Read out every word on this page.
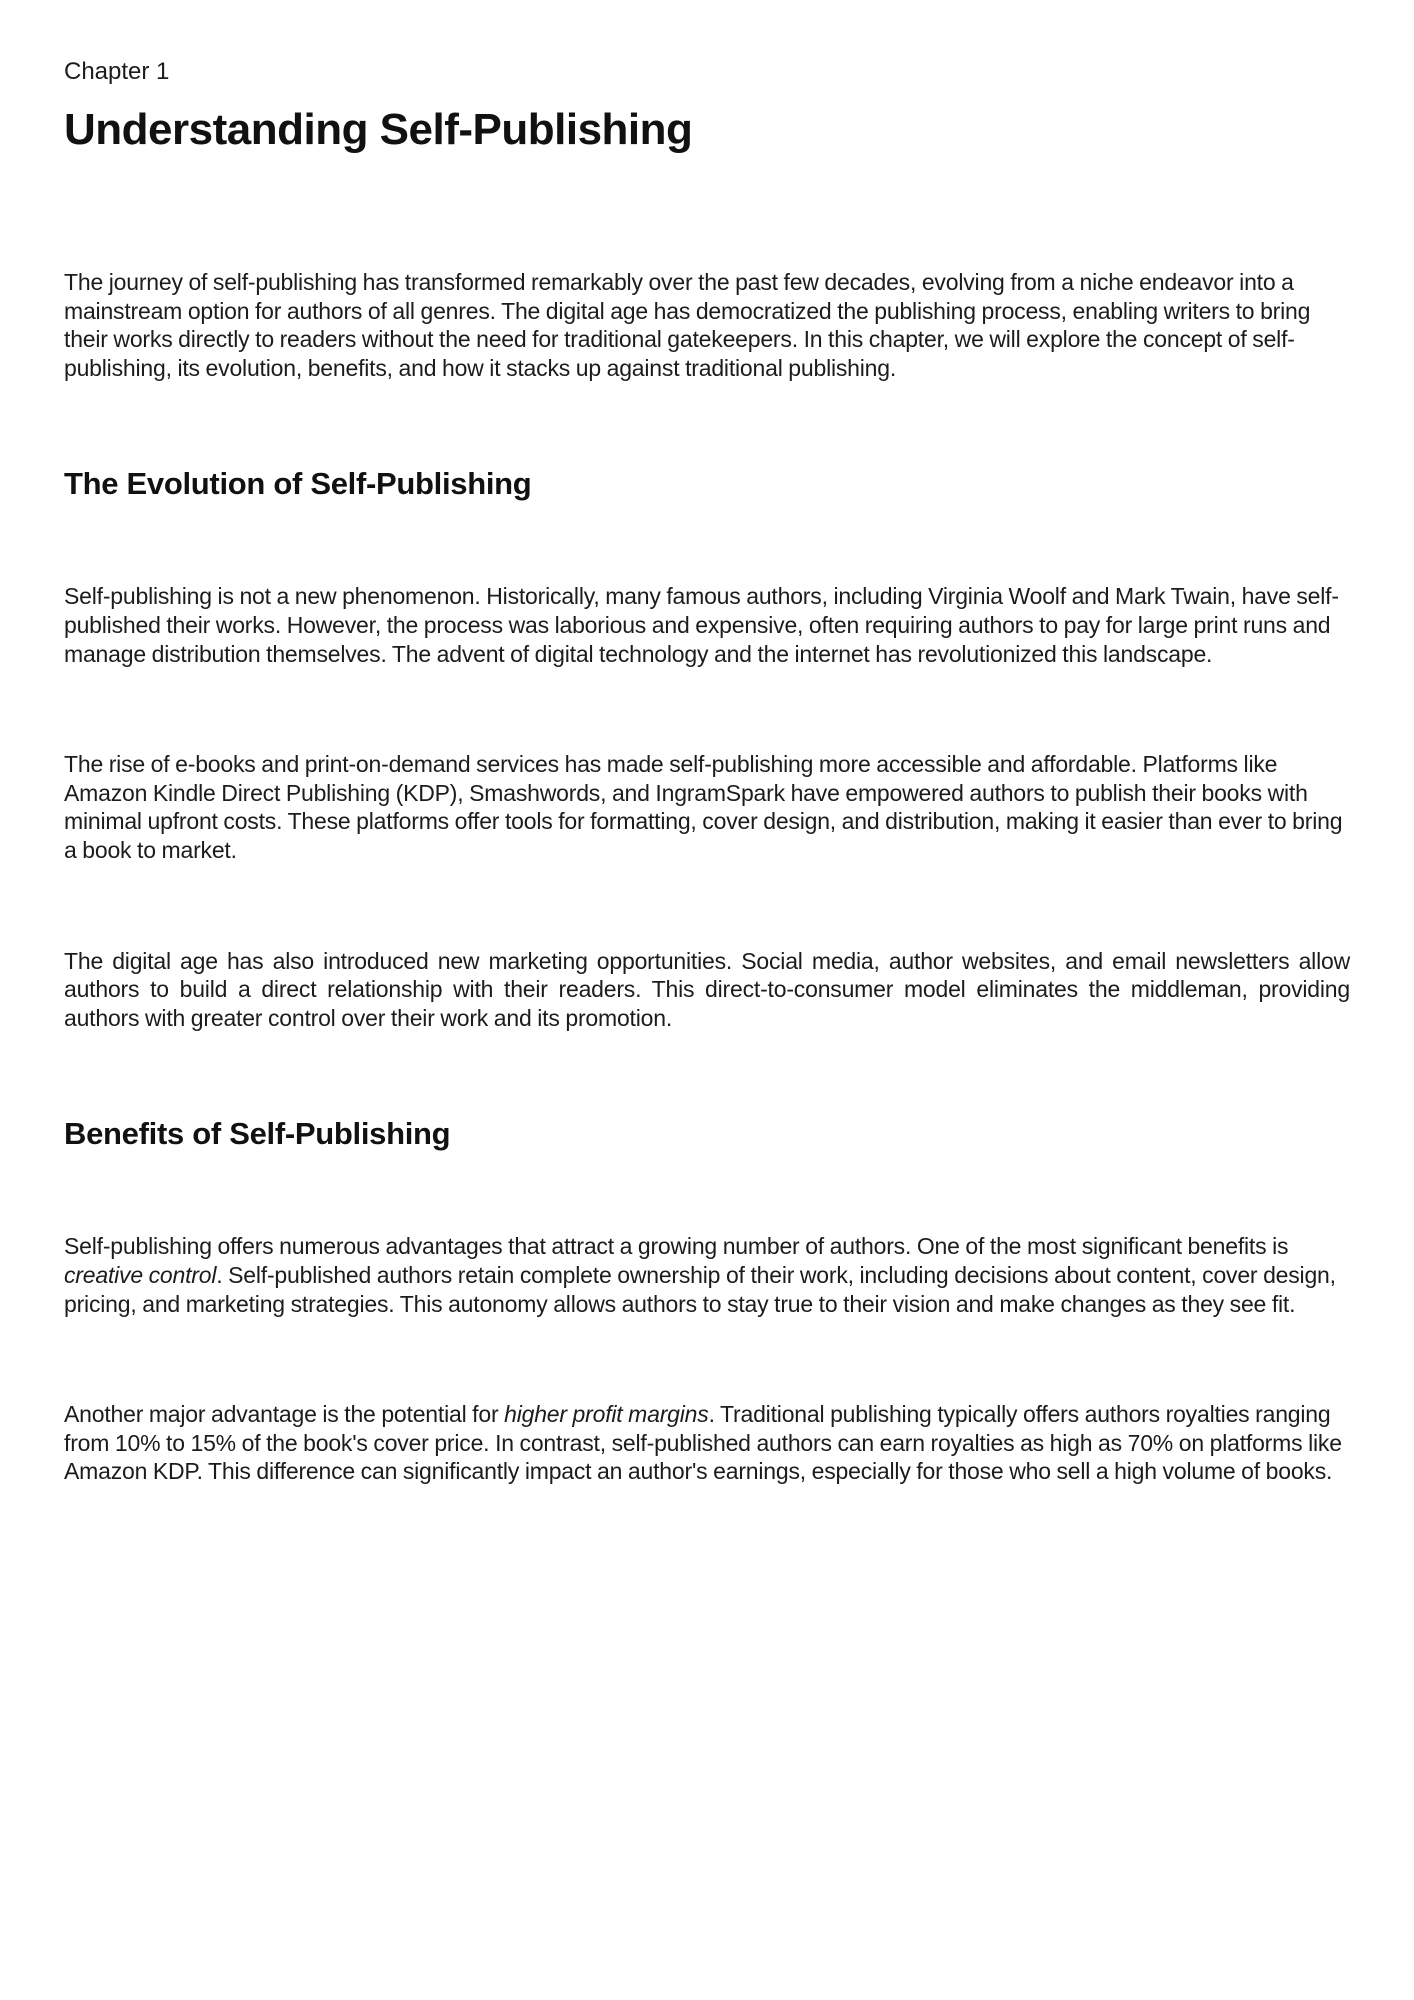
Chapter 1
Understanding Self-Publishing

The journey of self-publishing has transformed remarkably over the past few decades, evolving from a niche endeavor into a mainstream option for authors of all genres. The digital age has democratized the publishing process, enabling writers to bring their works directly to readers without the need for traditional gatekeepers. In this chapter, we will explore the concept of self-publishing, its evolution, benefits, and how it stacks up against traditional publishing.

The Evolution of Self-Publishing

Self-publishing is not a new phenomenon. Historically, many famous authors, including Virginia Woolf and Mark Twain, have self-published their works. However, the process was laborious and expensive, often requiring authors to pay for large print runs and manage distribution themselves. The advent of digital technology and the internet has revolutionized this landscape.

The rise of e-books and print-on-demand services has made self-publishing more accessible and affordable. Platforms like Amazon Kindle Direct Publishing (KDP), Smashwords, and IngramSpark have empowered authors to publish their books with minimal upfront costs. These platforms offer tools for formatting, cover design, and distribution, making it easier than ever to bring a book to market.

The digital age has also introduced new marketing opportunities. Social media, author websites, and email newsletters allow authors to build a direct relationship with their readers. This direct-to-consumer model eliminates the middleman, providing authors with greater control over their work and its promotion.

Benefits of Self-Publishing

Self-publishing offers numerous advantages that attract a growing number of authors. One of the most significant benefits is creative control. Self-published authors retain complete ownership of their work, including decisions about content, cover design, pricing, and marketing strategies. This autonomy allows authors to stay true to their vision and make changes as they see fit.

Another major advantage is the potential for higher profit margins. Traditional publishing typically offers authors royalties ranging from 10% to 15% of the book's cover price. In contrast, self-published authors can earn royalties as high as 70% on platforms like Amazon KDP. This difference can significantly impact an author's earnings, especially for those who sell a high volume of books.
